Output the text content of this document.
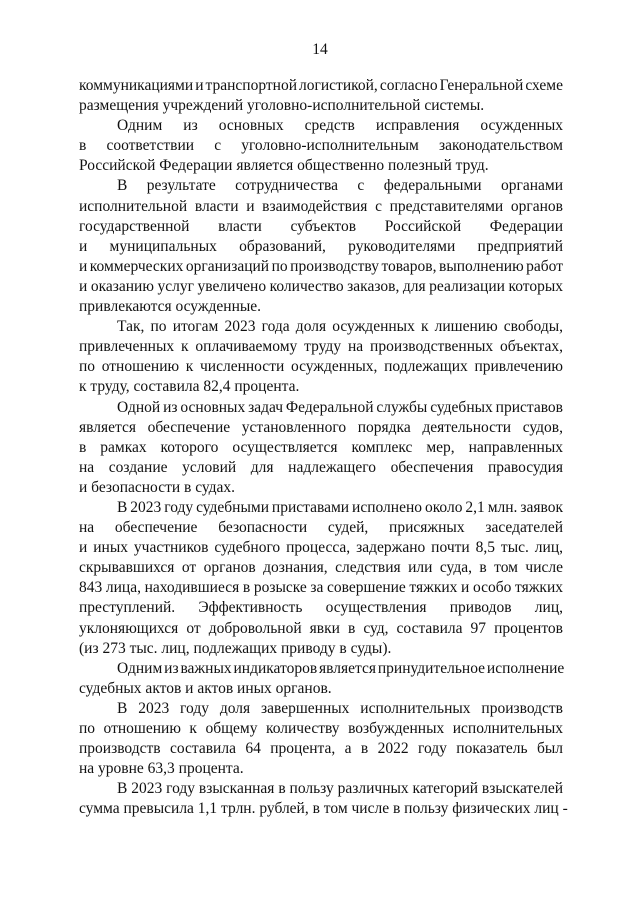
14
коммуникациями и транспортной логистикой, согласно Генеральной схеме
размещения учреждений уголовно-исполнительной системы.
Одним из основных средств исправления осужденных
в соответствии с уголовно-исполнительным законодательством
Российской Федерации является общественно полезный труд.
В результате сотрудничества с федеральными органами
исполнительной власти и взаимодействия с представителями органов
государственной власти субъектов Российской Федерации
и муниципальных образований, руководителями предприятий
и коммерческих организаций по производству товаров, выполнению работ
и оказанию услуг увеличено количество заказов, для реализации которых
привлекаются осужденные.
Так, по итогам 2023 года доля осужденных к лишению свободы,
привлеченных к оплачиваемому труду на производственных объектах,
по отношению к численности осужденных, подлежащих привлечению
к труду, составила 82,4 процента.
Одной из основных задач Федеральной службы судебных приставов
является обеспечение установленного порядка деятельности судов,
в рамках которого осуществляется комплекс мер, направленных
на создание условий для надлежащего обеспечения правосудия
и безопасности в судах.
В 2023 году судебными приставами исполнено около 2,1 млн. заявок
на обеспечение безопасности судей, присяжных заседателей
и иных участников судебного процесса, задержано почти 8,5 тыс. лиц,
скрывавшихся от органов дознания, следствия или суда, в том числе
843 лица, находившиеся в розыске за совершение тяжких и особо тяжких
преступлений. Эффективность осуществления приводов лиц,
уклоняющихся от добровольной явки в суд, составила 97 процентов
(из 273 тыс. лиц, подлежащих приводу в суды).
Одним из важных индикаторов является принудительное исполнение
судебных актов и актов иных органов.
В 2023 году доля завершенных исполнительных производств
по отношению к общему количеству возбужденных исполнительных
производств составила 64 процента, а в 2022 году показатель был
на уровне 63,3 процента.
В 2023 году взысканная в пользу различных категорий взыскателей
сумма превысила 1,1 трлн. рублей, в том числе в пользу физических лиц -
